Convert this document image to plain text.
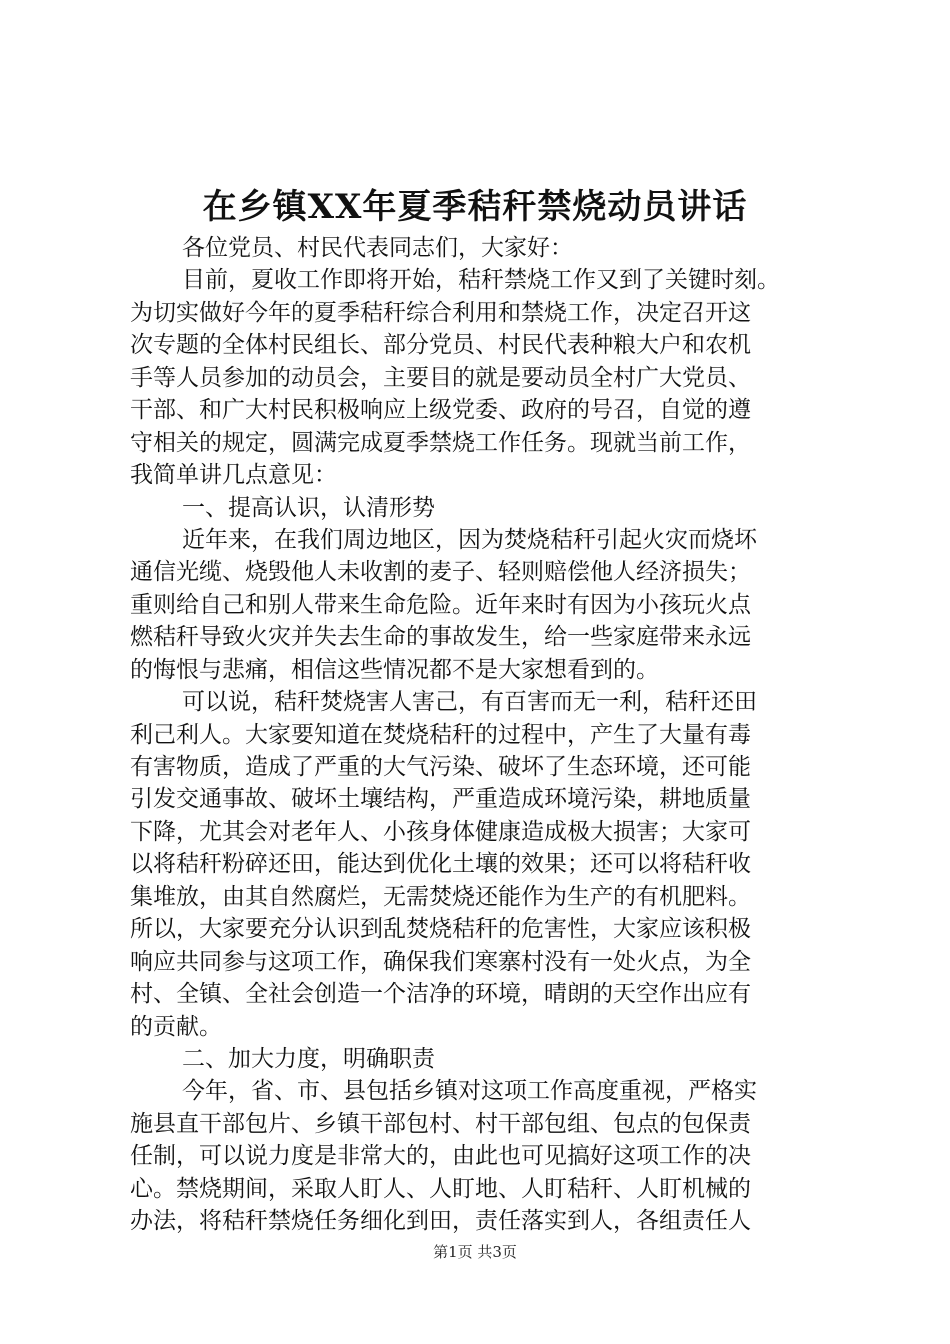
在乡镇XX年夏季秸秆禁烧动员讲话
各位党员、村民代表同志们，大家好：
目前，夏收工作即将开始，秸秆禁烧工作又到了关键时刻。
为切实做好今年的夏季秸秆综合利用和禁烧工作，决定召开这
次专题的全体村民组长、部分党员、村民代表种粮大户和农机
手等人员参加的动员会，主要目的就是要动员全村广大党员、
干部、和广大村民积极响应上级党委、政府的号召，自觉的遵
守相关的规定，圆满完成夏季禁烧工作任务。现就当前工作，
我简单讲几点意见：
一、提高认识，认清形势
近年来，在我们周边地区，因为焚烧秸秆引起火灾而烧坏
通信光缆、烧毁他人未收割的麦子、轻则赔偿他人经济损失；
重则给自己和别人带来生命危险。近年来时有因为小孩玩火点
燃秸秆导致火灾并失去生命的事故发生，给一些家庭带来永远
的悔恨与悲痛，相信这些情况都不是大家想看到的。
可以说，秸秆焚烧害人害己，有百害而无一利，秸秆还田
利己利人。大家要知道在焚烧秸秆的过程中，产生了大量有毒
有害物质，造成了严重的大气污染、破坏了生态环境，还可能
引发交通事故、破坏土壤结构，严重造成环境污染，耕地质量
下降，尤其会对老年人、小孩身体健康造成极大损害；大家可
以将秸秆粉碎还田，能达到优化土壤的效果；还可以将秸秆收
集堆放，由其自然腐烂，无需焚烧还能作为生产的有机肥料。
所以，大家要充分认识到乱焚烧秸秆的危害性，大家应该积极
响应共同参与这项工作，确保我们寒寨村没有一处火点，为全
村、全镇、全社会创造一个洁净的环境，晴朗的天空作出应有
的贡献。
二、加大力度，明确职责
今年，省、市、县包括乡镇对这项工作高度重视，严格实
施县直干部包片、乡镇干部包村、村干部包组、包点的包保责
任制，可以说力度是非常大的，由此也可见搞好这项工作的决
心。禁烧期间，采取人盯人、人盯地、人盯秸秆、人盯机械的
办法，将秸秆禁烧任务细化到田，责任落实到人，各组责任人
第1页 共3页
